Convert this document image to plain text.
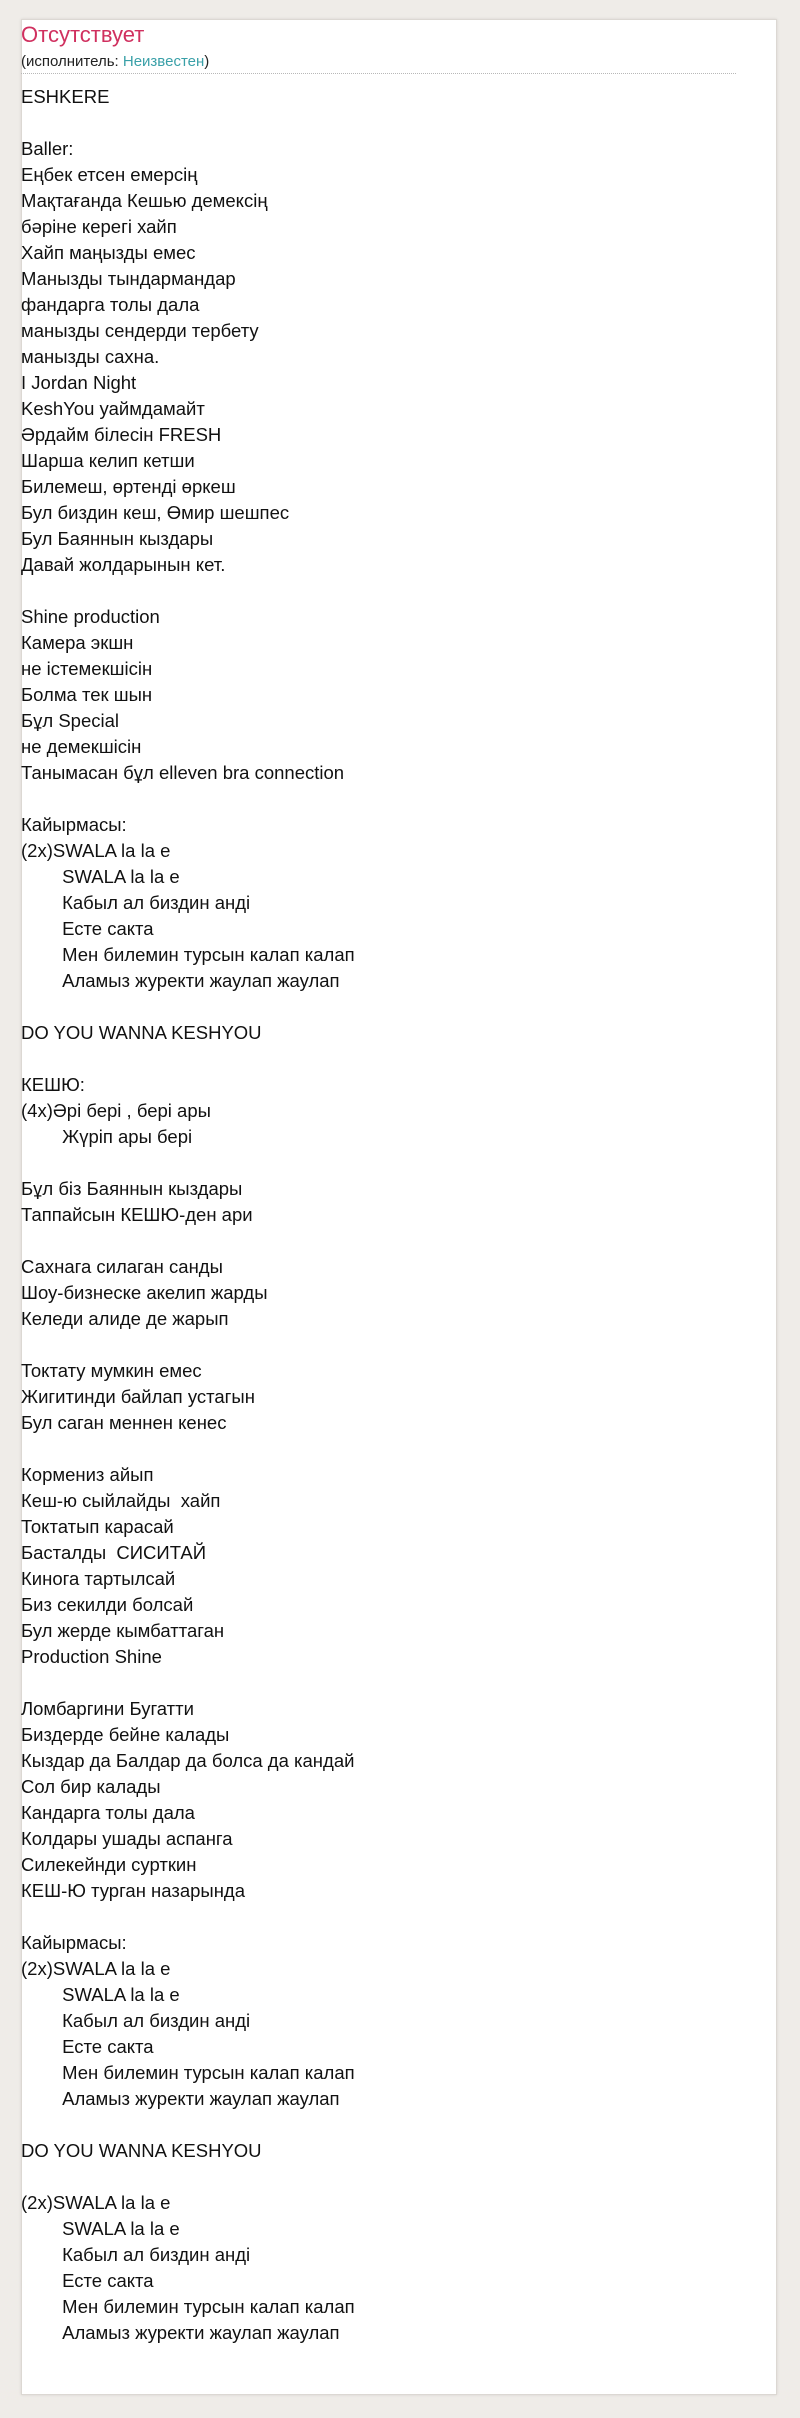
Отсутствует
(исполнитель: Неизвестен)
ESHKERE
Baller:
Еңбек етсен емерсің
Мақтағанда Кешью демексің
бәріне керегі хайп
Хайп маңызды емес
Манызды тындармандар
фандарга толы дала
манызды сендерди тербету
манызды сахна.
I Jordan Night
KeshYou уаймдамайт
Әрдайм білесін FRESH
Шарша келип кетши
Билемеш, өртенді өркеш
Бул биздин кеш, Өмир шешпес
Бул Баяннын кыздары
Давай жолдарынын кет.
Shine production
Камера экшн
не істемекшісін
Болма тек шын
Бұл Special
не демекшісін
Танымасан бұл elleven bra connection
Кайырмасы:
(2x)SWALA la la e
SWALA la la e
Кабыл ал биздин анді
Есте сакта
Мен билемин турсын калап калап
Аламыз журекти жаулап жаулап
DO YOU WANNA KESHYOU
КЕШЮ:
(4x)Әрі бері , бері ары
Жүріп ары бері
Бұл біз Баяннын кыздары
Таппайсын КЕШЮ-ден ари
Сахнага силаган санды
Шоу-бизнеске акелип жарды
Келеди алиде де жарып
Токтату мумкин емес
Жигитинди байлап устагын
Бул саган меннен кенес
Кормениз айып
Кеш-ю сыйлайды  хайп
Токтатып карасай
Басталды  СИСИТАЙ
Кинога тартылсай
Биз секилди болсай
Бул жерде кымбаттаган
Production Shine
Ломбаргини Бугатти
Биздерде бейне калады
Кыздар да Балдар да болса да кандай
Сол бир калады
Кандарга толы дала
Колдары ушады аспанга
Силекейнди сурткин
КЕШ-Ю турган назарында
Кайырмасы:
(2x)SWALA la la e
SWALA la la e
Кабыл ал биздин анді
Есте сакта
Мен билемин турсын калап калап
Аламыз журекти жаулап жаулап
DO YOU WANNA KESHYOU
(2x)SWALA la la e
SWALA la la e
Кабыл ал биздин анді
Есте сакта
Мен билемин турсын калап калап
Аламыз журекти жаулап жаулап
